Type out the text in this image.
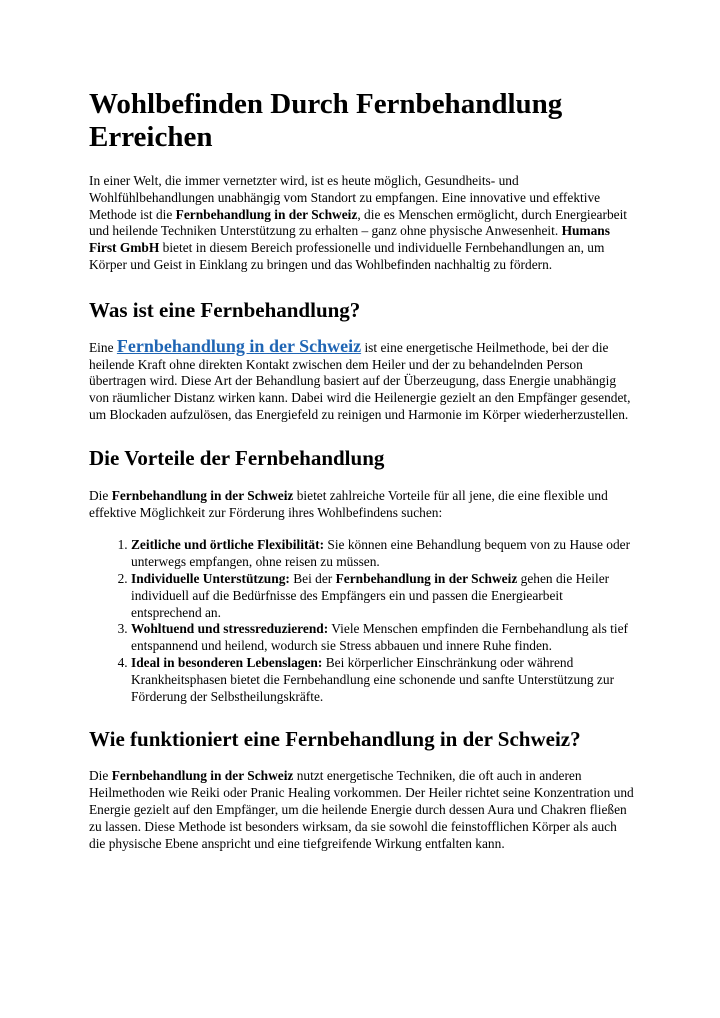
Wohlbefinden Durch Fernbehandlung Erreichen

In einer Welt, die immer vernetzter wird, ist es heute möglich, Gesundheits- und Wohlfühlbehandlungen unabhängig vom Standort zu empfangen. Eine innovative und effektive Methode ist die Fernbehandlung in der Schweiz, die es Menschen ermöglicht, durch Energiearbeit und heilende Techniken Unterstützung zu erhalten – ganz ohne physische Anwesenheit. Humans First GmbH bietet in diesem Bereich professionelle und individuelle Fernbehandlungen an, um Körper und Geist in Einklang zu bringen und das Wohlbefinden nachhaltig zu fördern.

Was ist eine Fernbehandlung?

Eine Fernbehandlung in der Schweiz ist eine energetische Heilmethode, bei der die heilende Kraft ohne direkten Kontakt zwischen dem Heiler und der zu behandelnden Person übertragen wird. Diese Art der Behandlung basiert auf der Überzeugung, dass Energie unabhängig von räumlicher Distanz wirken kann. Dabei wird die Heilenergie gezielt an den Empfänger gesendet, um Blockaden aufzulösen, das Energiefeld zu reinigen und Harmonie im Körper wiederherzustellen.

Die Vorteile der Fernbehandlung

Die Fernbehandlung in der Schweiz bietet zahlreiche Vorteile für all jene, die eine flexible und effektive Möglichkeit zur Förderung ihres Wohlbefindens suchen:

1. Zeitliche und örtliche Flexibilität: Sie können eine Behandlung bequem von zu Hause oder unterwegs empfangen, ohne reisen zu müssen.
2. Individuelle Unterstützung: Bei der Fernbehandlung in der Schweiz gehen die Heiler individuell auf die Bedürfnisse des Empfängers ein und passen die Energiearbeit entsprechend an.
3. Wohltuend und stressreduzierend: Viele Menschen empfinden die Fernbehandlung als tief entspannend und heilend, wodurch sie Stress abbauen und innere Ruhe finden.
4. Ideal in besonderen Lebenslagen: Bei körperlicher Einschränkung oder während Krankheitsphasen bietet die Fernbehandlung eine schonende und sanfte Unterstützung zur Förderung der Selbstheilungskräfte.
Wie funktioniert eine Fernbehandlung in der Schweiz?

Die Fernbehandlung in der Schweiz nutzt energetische Techniken, die oft auch in anderen Heilmethoden wie Reiki oder Pranic Healing vorkommen. Der Heiler richtet seine Konzentration und Energie gezielt auf den Empfänger, um die heilende Energie durch dessen Aura und Chakren fließen zu lassen. Diese Methode ist besonders wirksam, da sie sowohl die feinstofflichen Körper als auch die physische Ebene anspricht und eine tiefgreifende Wirkung entfalten kann.
